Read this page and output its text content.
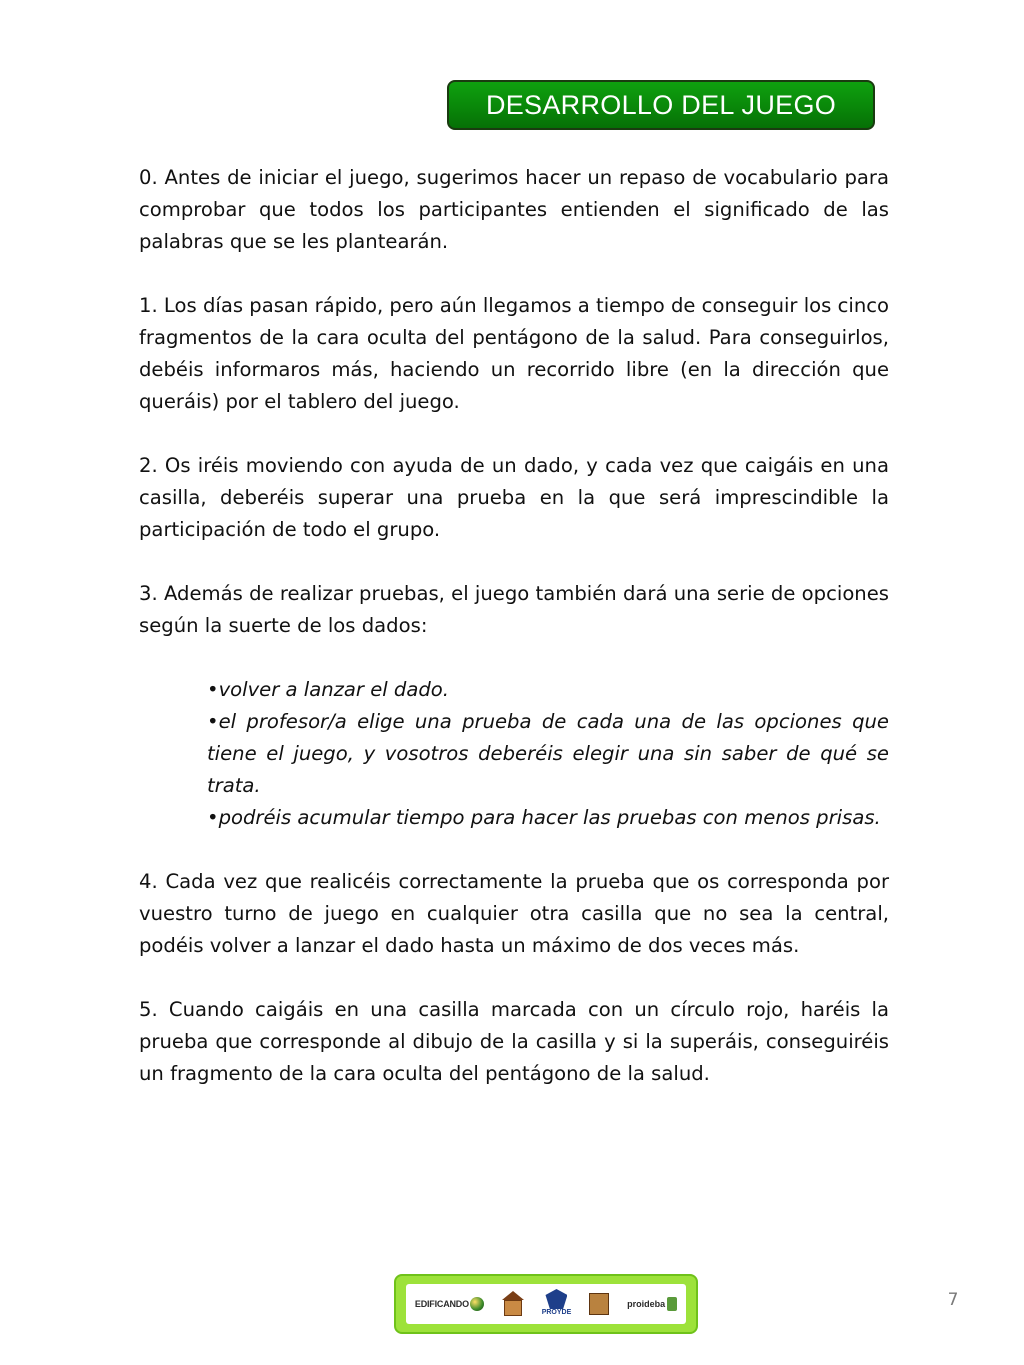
DESARROLLO DEL JUEGO

0. Antes de iniciar el juego, sugerimos hacer un repaso de vocabulario para comprobar que todos los participantes entienden el significado de las palabras que se les plantearán.

1. Los días pasan rápido, pero aún llegamos a tiempo de conseguir los cinco fragmentos de la cara oculta del pentágono de la salud. Para conseguirlos, debéis informaros más, haciendo un recorrido libre (en la dirección que queráis) por el tablero del juego.

2. Os iréis moviendo con ayuda de un dado, y cada vez que caigáis en una casilla, deberéis superar una prueba en la que será imprescindible la participación de todo el grupo.

3. Además de realizar pruebas, el juego también dará una serie de opciones según la suerte de los dados:

•volver a lanzar el dado.

•el profesor/a elige una prueba de cada una de las opciones que tiene el juego, y vosotros deberéis elegir una sin saber de qué se trata.

•podréis acumular tiempo para hacer las pruebas con menos prisas.

4. Cada vez que realicéis correctamente la prueba que os corresponda por vuestro turno de juego en cualquier otra casilla que no sea la central, podéis volver a lanzar el dado hasta un máximo de dos veces más.

5. Cuando caigáis en una casilla marcada con un círculo rojo, haréis la prueba que corresponde al dibujo de la casilla y si la superáis, conseguiréis un fragmento de la cara oculta del pentágono de la salud.

EDIFICANDO
PROYDE
proideba	7
